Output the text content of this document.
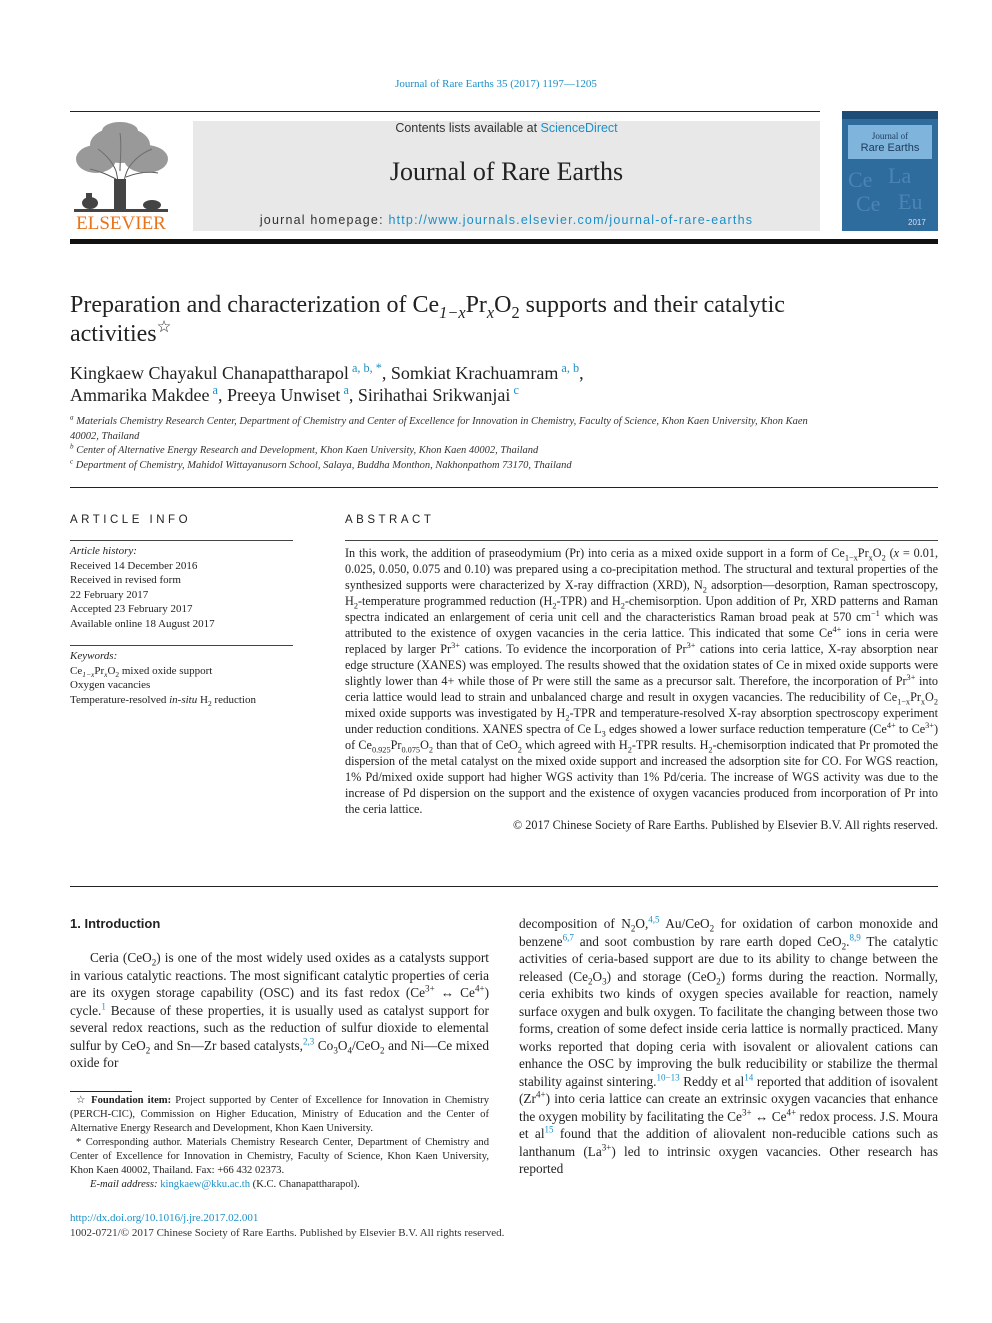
Journal of Rare Earths 35 (2017) 1197—1205
ELSEVIER
Contents lists available at ScienceDirect
Journal of Rare Earths
journal homepage: http://www.journals.elsevier.com/journal-of-rare-earths
Journal of
Rare Earths
Ce La
Ce Eu
2017
Preparation and characterization of $Ce_{1-x}Pr_xO_2$ supports and their catalytic activities☆
Kingkaew Chayakul Chanapattharapol $^{a, b, *}$, Somkiat Krachuamram $^{a, b}$,
Ammarika Makdee $^a$, Preeya Unwiset $^a$, Sirihathai Srikwanjai $^c$
$^a$ Materials Chemistry Research Center, Department of Chemistry and Center of Excellence for Innovation in Chemistry, Faculty of Science, Khon Kaen University, Khon Kaen 40002, Thailand
$^b$ Center of Alternative Energy Research and Development, Khon Kaen University, Khon Kaen 40002, Thailand
$^c$ Department of Chemistry, Mahidol Wittayanusorn School, Salaya, Buddha Monthon, Nakhonpathom 73170, Thailand
ARTICLE INFO
Article history:
Received 14 December 2016
Received in revised form
22 February 2017
Accepted 23 February 2017
Available online 18 August 2017
Keywords:
$Ce_{1-x}Pr_xO_2$ mixed oxide support
Oxygen vacancies
Temperature-resolved in-situ $H_2$ reduction
ABSTRACT

In this work, the addition of praseodymium (Pr) into ceria as a mixed oxide support in a form of $Ce_{1-x}Pr_xO_2$ (x = 0.01, 0.025, 0.050, 0.075 and 0.10) was prepared using a co-precipitation method. The structural and textural properties of the synthesized supports were characterized by X-ray diffraction (XRD), $N_2$ adsorption—desorption, Raman spectroscopy, $H_2$-temperature programmed reduction $(H_2-TPR)$ and $H_2$-chemisorption. Upon addition of Pr, XRD patterns and Raman spectra indicated an enlargement of ceria unit cell and the characteristics Raman broad peak at 570 $cm^{-1}$ which was attributed to the existence of oxygen vacancies in the ceria lattice. This indicated that some $Ce^{4+}$ ions in ceria were replaced by larger $Pr^{3+}$ cations. To evidence the incorporation of $Pr^{3+}$ cations into ceria lattice, X-ray absorption near edge structure (XANES) was employed. The results showed that the oxidation states of Ce in mixed oxide supports were slightly lower than 4+ while those of Pr were still the same as a precursor salt. Therefore, the incorporation of $Pr^{3+}$ into ceria lattice would lead to strain and unbalanced charge and result in oxygen vacancies. The reducibility of $Ce_{1-x}Pr_xO_2$ mixed oxide supports was investigated by $H_2$-TPR and temperature-resolved X-ray absorption spectroscopy experiment under reduction conditions. XANES spectra of Ce $L_3$ edges showed a lower surface reduction temperature ($Ce^{4+}$ to $Ce^{3+}$) of $Ce_{0.925}Pr_{0.075}O_2$ than that of CeO$_2$ which agreed with $H_2$-TPR results. $H_2$-chemisorption indicated that Pr promoted the dispersion of the metal catalyst on the mixed oxide support and increased the adsorption site for CO. For WGS reaction, 1% Pd/mixed oxide support had higher WGS activity than 1% Pd/ceria. The increase of WGS activity was due to the increase of Pd dispersion on the support and the existence of oxygen vacancies produced from incorporation of Pr into the ceria lattice.

© 2017 Chinese Society of Rare Earths. Published by Elsevier B.V. All rights reserved.

1. Introduction

Ceria (CeO$_2$) is one of the most widely used oxides as a catalysts support in various catalytic reactions. The most significant catalytic properties of ceria are its oxygen storage capability (OSC) and its fast redox ($Ce^{3+}$ ↔ $Ce^{4+}$) cycle.$^1$ Because of these properties, it is usually used as catalyst support for several redox reactions, such as the reduction of sulfur dioxide to elemental sulfur by CeO$_2$ and Sn—Zr based catalysts,$^{2,3}$ $Co_3O_4/CeO_2$ and Ni—Ce mixed oxide for

decomposition of $N_2O,^{4,5}$ Au/CeO$_2$ for oxidation of carbon monoxide and benzene$^{6,7}$ and soot combustion by rare earth doped CeO$_2$.$^{8,9}$ The catalytic activities of ceria-based support are due to its ability to change between the released $(Ce_2O_3)$ and storage (CeO$_2$) forms during the reaction. Normally, ceria exhibits two kinds of oxygen species available for reaction, namely surface oxygen and bulk oxygen. To facilitate the changing between those two forms, creation of some defect inside ceria lattice is normally practiced. Many works reported that doping ceria with isovalent or aliovalent cations can enhance the OSC by improving the bulk reducibility or stabilize the thermal stability against sintering.$^{10-13}$ Reddy et $al^{14}$ reported that addition of isovalent $(Zr^{4+})$ into ceria lattice can create an extrinsic oxygen vacancies that enhance the oxygen mobility by facilitating the $Ce^{3+}$ ↔ $Ce^{4+}$ redox process. J.S. Moura et $al^{15}$ found that the addition of aliovalent non-reducible cations such as lanthanum $(La^{3+})$ led to intrinsic oxygen vacancies. Other research has reported

☆ Foundation item: Project supported by Center of Excellence for Innovation in Chemistry (PERCH-CIC), Commission on Higher Education, Ministry of Education and the Center of Alternative Energy Research and Development, Khon Kaen University.

* Corresponding author. Materials Chemistry Research Center, Department of Chemistry and Center of Excellence for Innovation in Chemistry, Faculty of Science, Khon Kaen University, Khon Kaen 40002, Thailand. Fax: +66 432 02373.

E-mail address: kingkaew@kku.ac.th (K.C. Chanapattharapol).

http://dx.doi.org/10.1016/j.jre.2017.02.001
1002-0721/© 2017 Chinese Society of Rare Earths. Published by Elsevier B.V. All rights reserved.
